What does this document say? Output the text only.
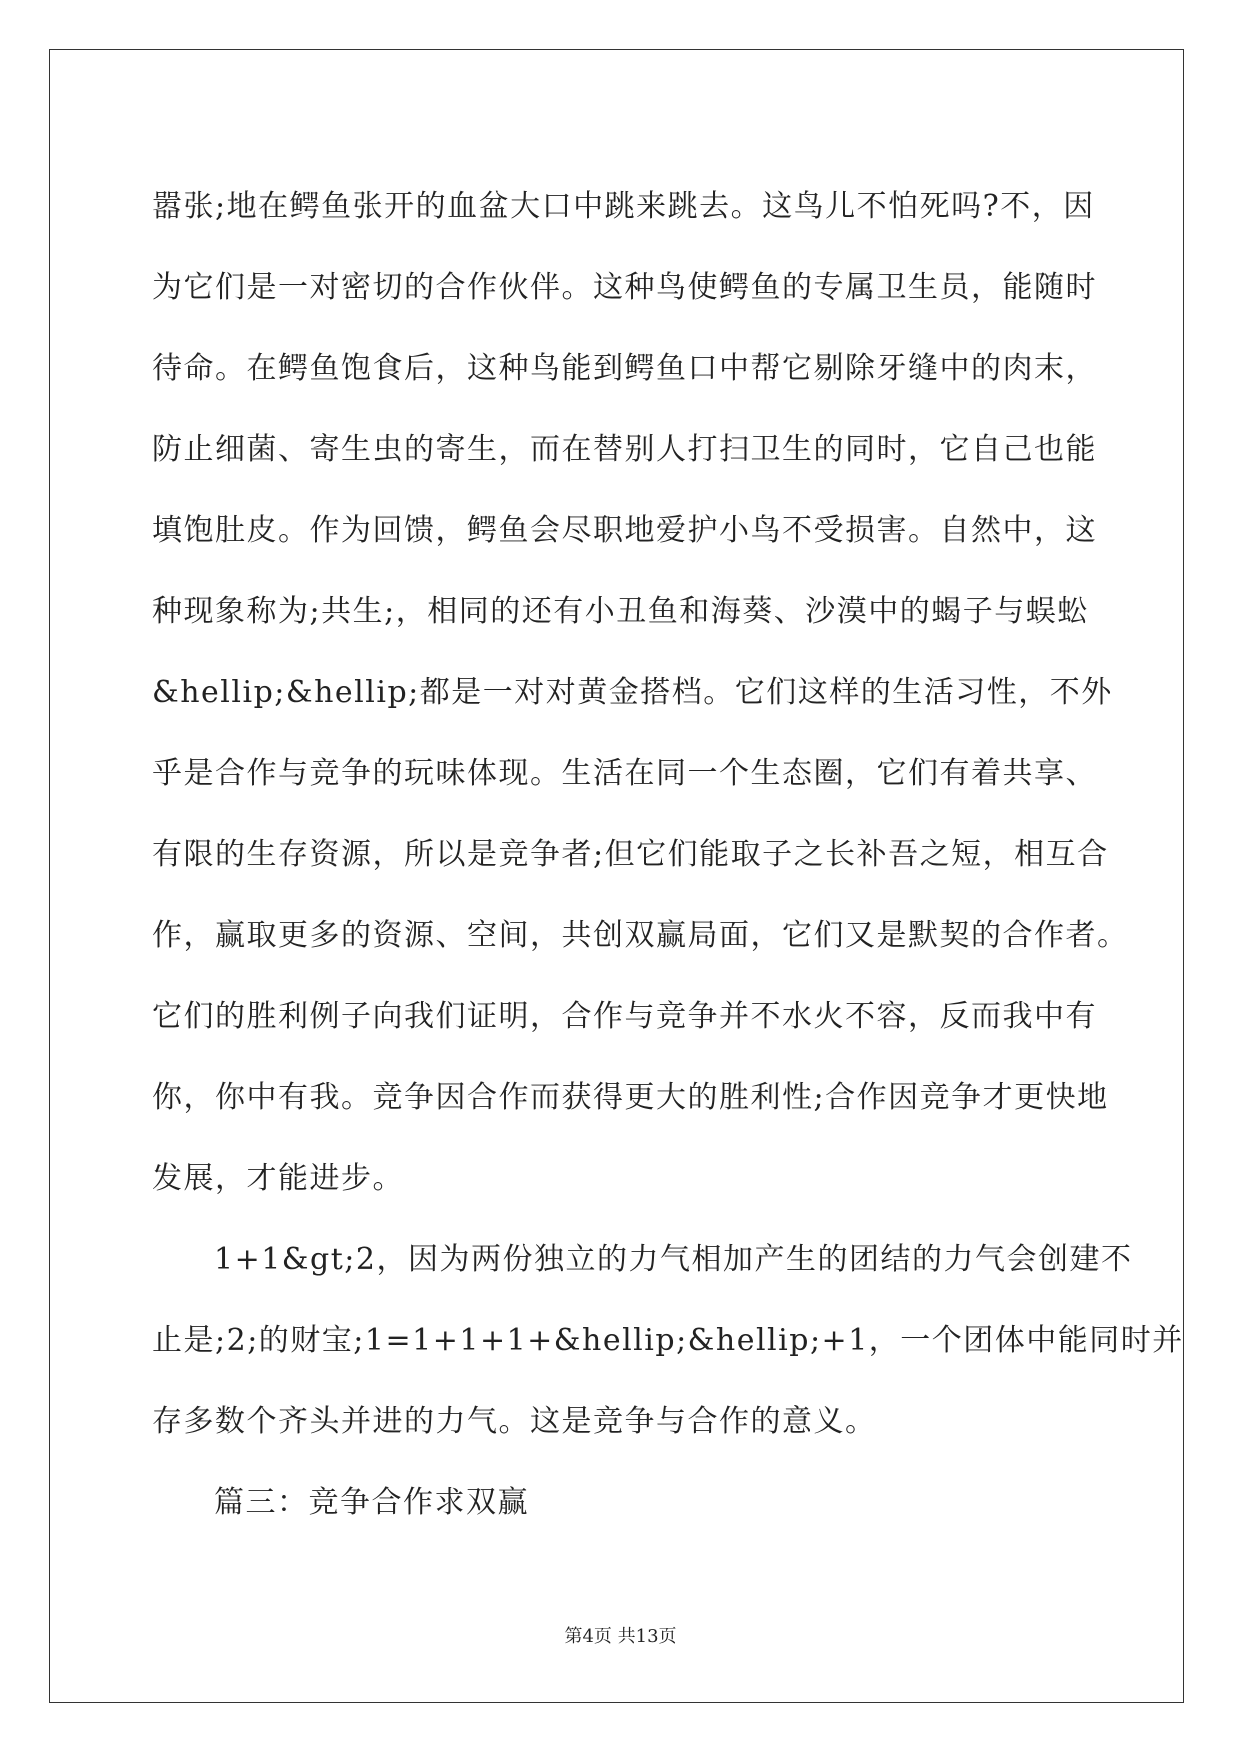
嚣张;地在鳄鱼张开的血盆大口中跳来跳去。这鸟儿不怕死吗?不，因

为它们是一对密切的合作伙伴。这种鸟使鳄鱼的专属卫生员，能随时

待命。在鳄鱼饱食后，这种鸟能到鳄鱼口中帮它剔除牙缝中的肉末，

防止细菌、寄生虫的寄生，而在替别人打扫卫生的同时，它自己也能

填饱肚皮。作为回馈，鳄鱼会尽职地爱护小鸟不受损害。自然中，这

种现象称为;共生;，相同的还有小丑鱼和海葵、沙漠中的蝎子与蜈蚣

&hellip;&hellip;都是一对对黄金搭档。它们这样的生活习性，不外

乎是合作与竞争的玩味体现。生活在同一个生态圈，它们有着共享、

有限的生存资源，所以是竞争者;但它们能取子之长补吾之短，相互合

作，赢取更多的资源、空间，共创双赢局面，它们又是默契的合作者。

它们的胜利例子向我们证明，合作与竞争并不水火不容，反而我中有

你，你中有我。竞争因合作而获得更大的胜利性;合作因竞争才更快地

发展，才能进步。

1+1&gt;2，因为两份独立的力气相加产生的团结的力气会创建不

止是;2;的财宝;1=1+1+1+&hellip;&hellip;+1，一个团体中能同时并

存多数个齐头并进的力气。这是竞争与合作的意义。

篇三：竞争合作求双赢

第4页 共13页
